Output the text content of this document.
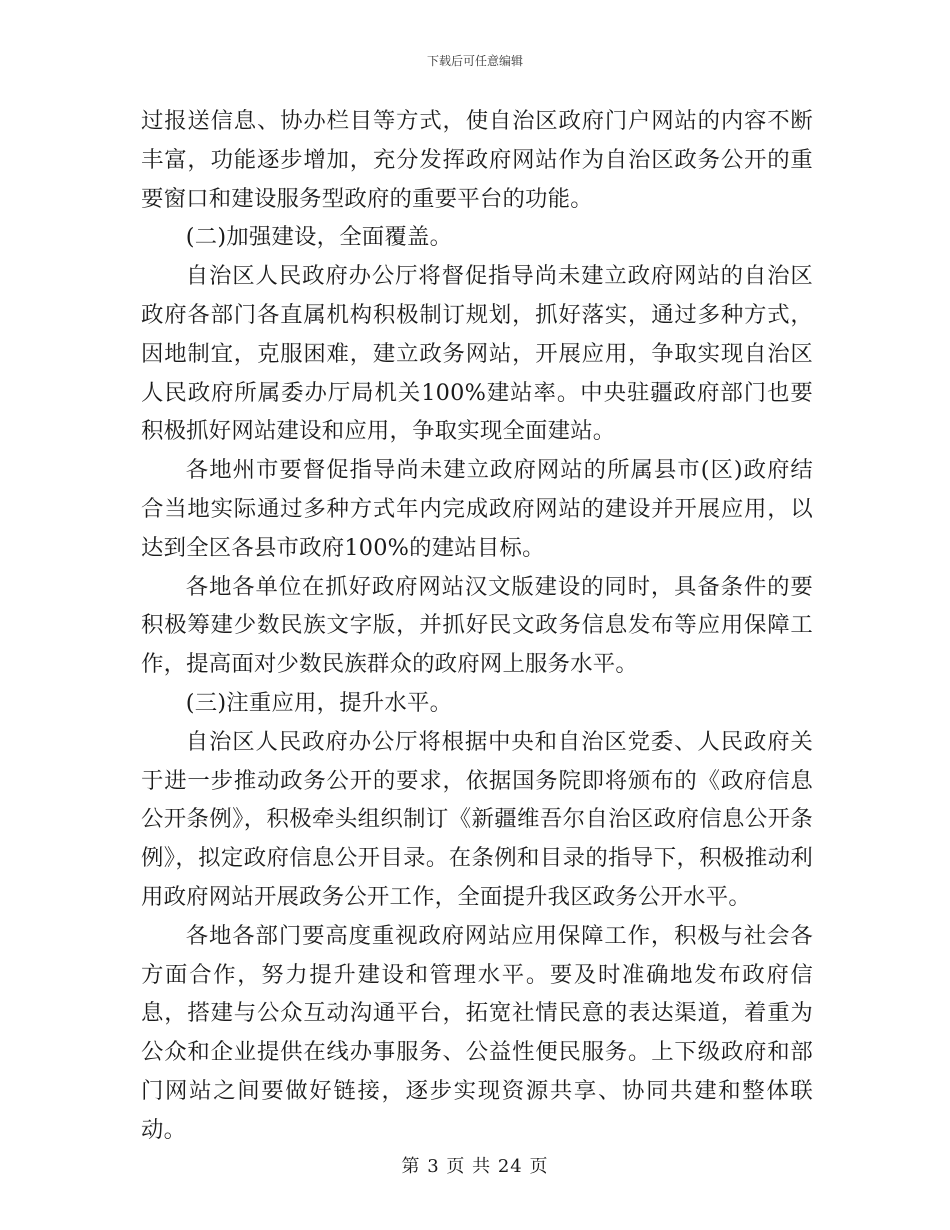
下载后可任意编辑

过报送信息、协办栏目等方式，使自治区政府门户网站的内容不断丰富，功能逐步增加，充分发挥政府网站作为自治区政务公开的重要窗口和建设服务型政府的重要平台的功能。

(二)加强建设，全面覆盖。

自治区人民政府办公厅将督促指导尚未建立政府网站的自治区政府各部门各直属机构积极制订规划，抓好落实，通过多种方式，因地制宜，克服困难，建立政务网站，开展应用，争取实现自治区人民政府所属委办厅局机关100%建站率。中央驻疆政府部门也要积极抓好网站建设和应用，争取实现全面建站。

各地州市要督促指导尚未建立政府网站的所属县市(区)政府结合当地实际通过多种方式年内完成政府网站的建设并开展应用，以达到全区各县市政府100%的建站目标。

各地各单位在抓好政府网站汉文版建设的同时，具备条件的要积极筹建少数民族文字版，并抓好民文政务信息发布等应用保障工作，提高面对少数民族群众的政府网上服务水平。

(三)注重应用，提升水平。

自治区人民政府办公厅将根据中央和自治区党委、人民政府关于进一步推动政务公开的要求，依据国务院即将颁布的《政府信息公开条例》，积极牵头组织制订《新疆维吾尔自治区政府信息公开条例》，拟定政府信息公开目录。在条例和目录的指导下，积极推动利用政府网站开展政务公开工作，全面提升我区政务公开水平。

各地各部门要高度重视政府网站应用保障工作，积极与社会各方面合作，努力提升建设和管理水平。要及时准确地发布政府信息，搭建与公众互动沟通平台，拓宽社情民意的表达渠道，着重为公众和企业提供在线办事服务、公益性便民服务。上下级政府和部门网站之间要做好链接，逐步实现资源共享、协同共建和整体联动。

第 3 页 共 24 页
